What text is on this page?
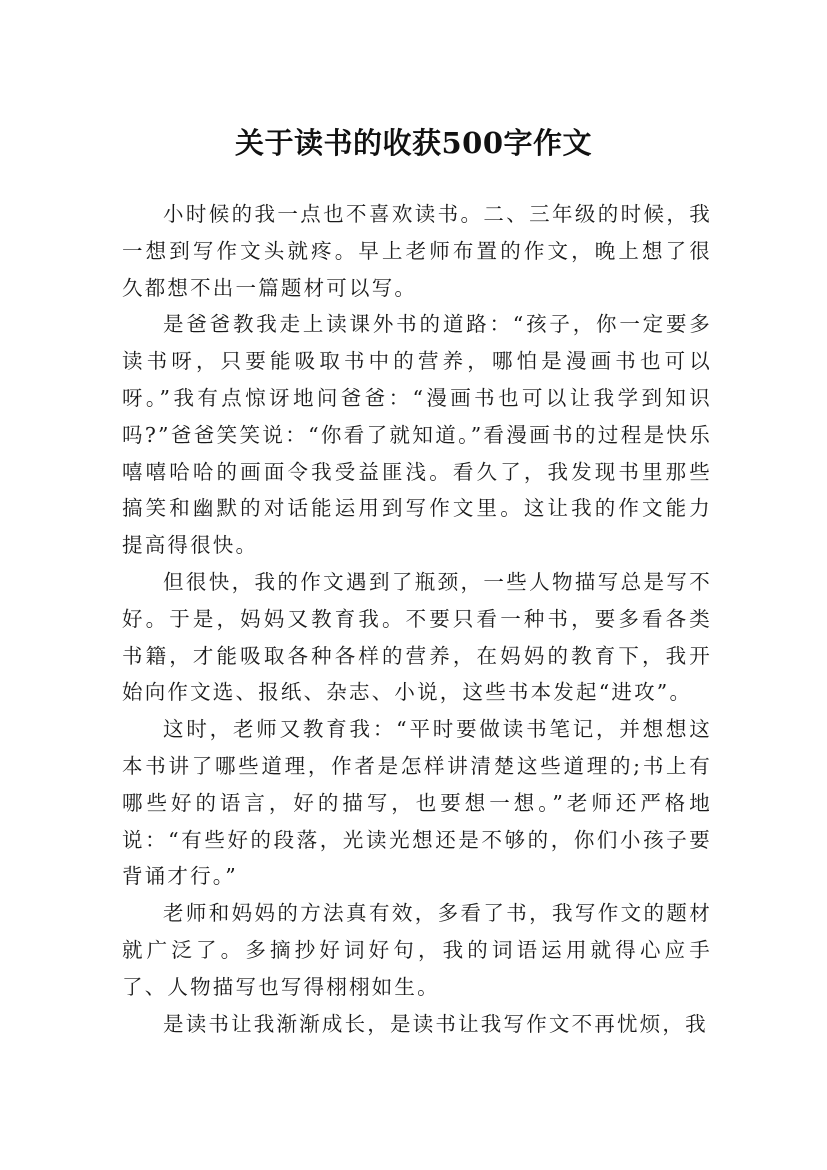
关于读书的收获500字作文

小时候的我一点也不喜欢读书。二、三年级的时候，我一想到写作文头就疼。早上老师布置的作文，晚上想了很久都想不出一篇题材可以写。

是爸爸教我走上读课外书的道路：“孩子，你一定要多读书呀，只要能吸取书中的营养，哪怕是漫画书也可以呀。”我有点惊讶地问爸爸：“漫画书也可以让我学到知识吗?”爸爸笑笑说：“你看了就知道。”看漫画书的过程是快乐嘻嘻哈哈的画面令我受益匪浅。看久了，我发现书里那些搞笑和幽默的对话能运用到写作文里。这让我的作文能力提高得很快。

但很快，我的作文遇到了瓶颈，一些人物描写总是写不好。于是，妈妈又教育我。不要只看一种书，要多看各类书籍，才能吸取各种各样的营养，在妈妈的教育下，我开始向作文选、报纸、杂志、小说，这些书本发起“进攻”。

这时，老师又教育我：“平时要做读书笔记，并想想这本书讲了哪些道理，作者是怎样讲清楚这些道理的;书上有哪些好的语言，好的描写，也要想一想。”老师还严格地说：“有些好的段落，光读光想还是不够的，你们小孩子要背诵才行。”

老师和妈妈的方法真有效，多看了书，我写作文的题材就广泛了。多摘抄好词好句，我的词语运用就得心应手了、人物描写也写得栩栩如生。

是读书让我渐渐成长，是读书让我写作文不再忧烦，我
